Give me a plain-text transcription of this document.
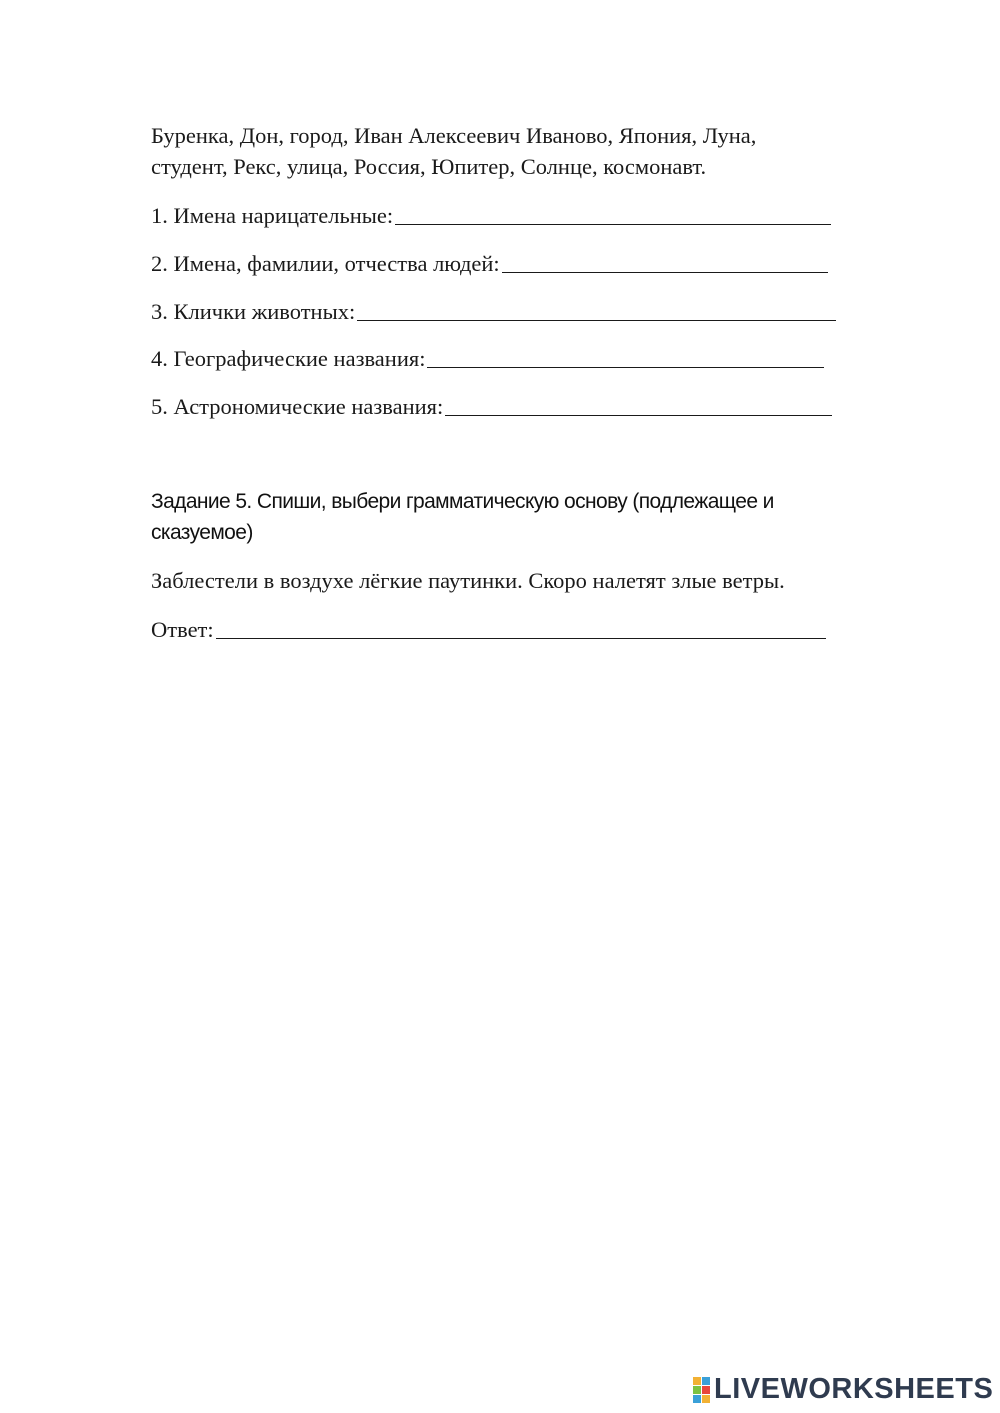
Буренка, Дон, город, Иван Алексеевич Иваново, Япония, Луна,
студент, Рекс, улица, Россия, Юпитер, Солнце, космонавт.
1. Имена нарицательные:
2. Имена, фамилии, отчества людей:
3. Клички животных:
4. Географические названия:
5. Астрономические названия:
Задание 5. Спиши, выбери грамматическую основу (подлежащее и
сказуемое)
Заблестели в воздухе лёгкие паутинки. Скоро налетят злые ветры.
Ответ:
LIVEWORKSHEETS
